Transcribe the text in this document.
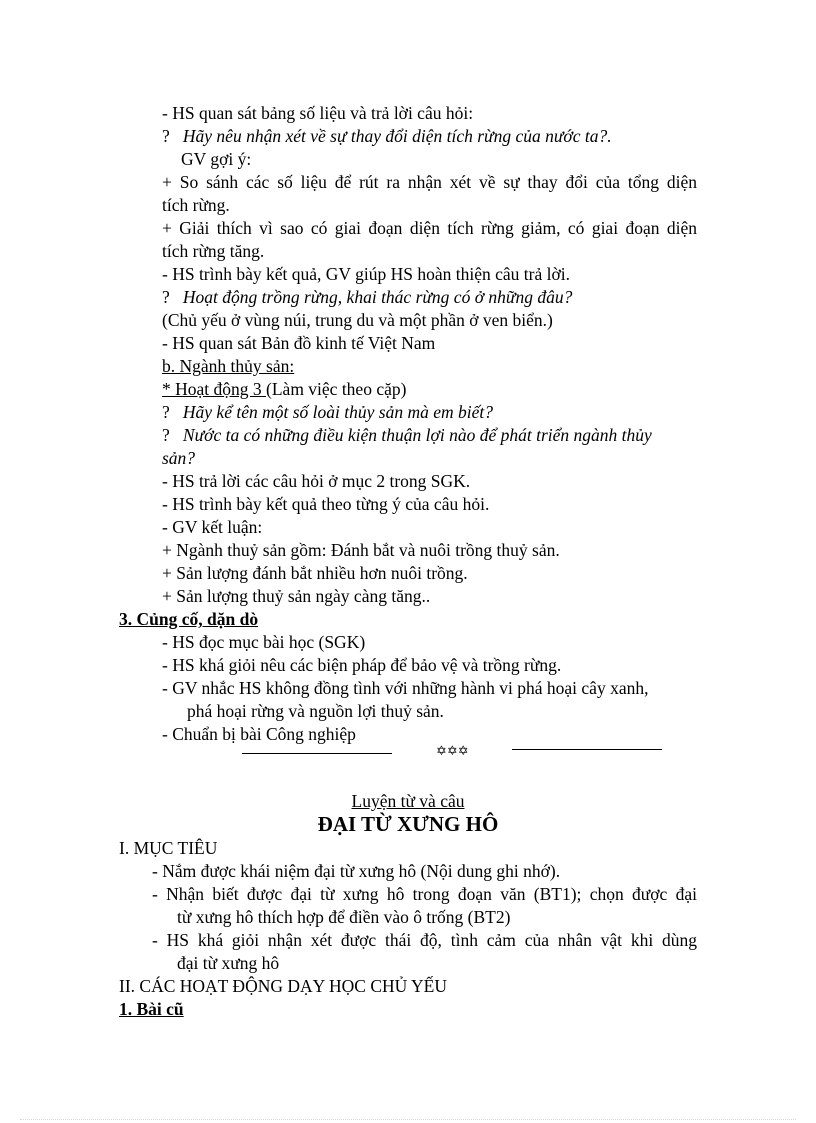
- HS quan sát bảng số liệu và trả lời câu hỏi:
? Hãy nêu nhận xét về sự thay đổi diện tích rừng của nước ta?.
GV gợi ý:
+ So sánh các số liệu để rút ra nhận xét về sự thay đổi của tổng diện
tích rừng.
+ Giải thích vì sao có giai đoạn diện tích rừng giảm, có giai đoạn diện
tích rừng tăng.
- HS trình bày kết quả, GV giúp HS hoàn thiện câu trả lời.
? Hoạt động trồng rừng, khai thác rừng có ở những đâu?
(Chủ yếu ở vùng núi, trung du và một phần ở ven biển.)
- HS quan sát Bản đồ kinh tế Việt Nam
b. Ngành thủy sản:
* Hoạt động 3 (Làm việc theo cặp)
? Hãy kể tên một số loài thủy sản mà em biết?
? Nước ta có những điều kiện thuận lợi nào để phát triển ngành thủy
sản?
- HS trả lời các câu hỏi ở mục 2 trong SGK.
- HS trình bày kết quả theo từng ý của câu hỏi.
- GV kết luận:
+ Ngành thuỷ sản gồm: Đánh bắt và nuôi trồng thuỷ sản.
+ Sản lượng đánh bắt nhiều hơn nuôi trồng.
+ Sản lượng thuỷ sản ngày càng tăng..
3. Củng cố, dặn dò
- HS đọc mục bài học (SGK)
- HS khá giỏi nêu các biện pháp để bảo vệ và trồng rừng.
- GV nhắc HS không đồng tình với những hành vi phá hoại cây xanh,
phá hoại rừng và nguồn lợi thuỷ sản.
- Chuẩn bị bài Công nghiệp
✡✡✡
Luyện từ và câu
ĐẠI TỪ XƯNG HÔ
I. MỤC TIÊU
- Nắm được khái niệm đại từ xưng hô (Nội dung ghi nhớ).
- Nhận biết được đại từ xưng hô trong đoạn văn (BT1); chọn được đại
từ xưng hô thích hợp để điền vào ô trống (BT2)
- HS khá giỏi nhận xét được thái độ, tình cảm của nhân vật khi dùng
đại từ xưng hô
II. CÁC HOẠT ĐỘNG DẠY HỌC CHỦ YẾU
1. Bài cũ
